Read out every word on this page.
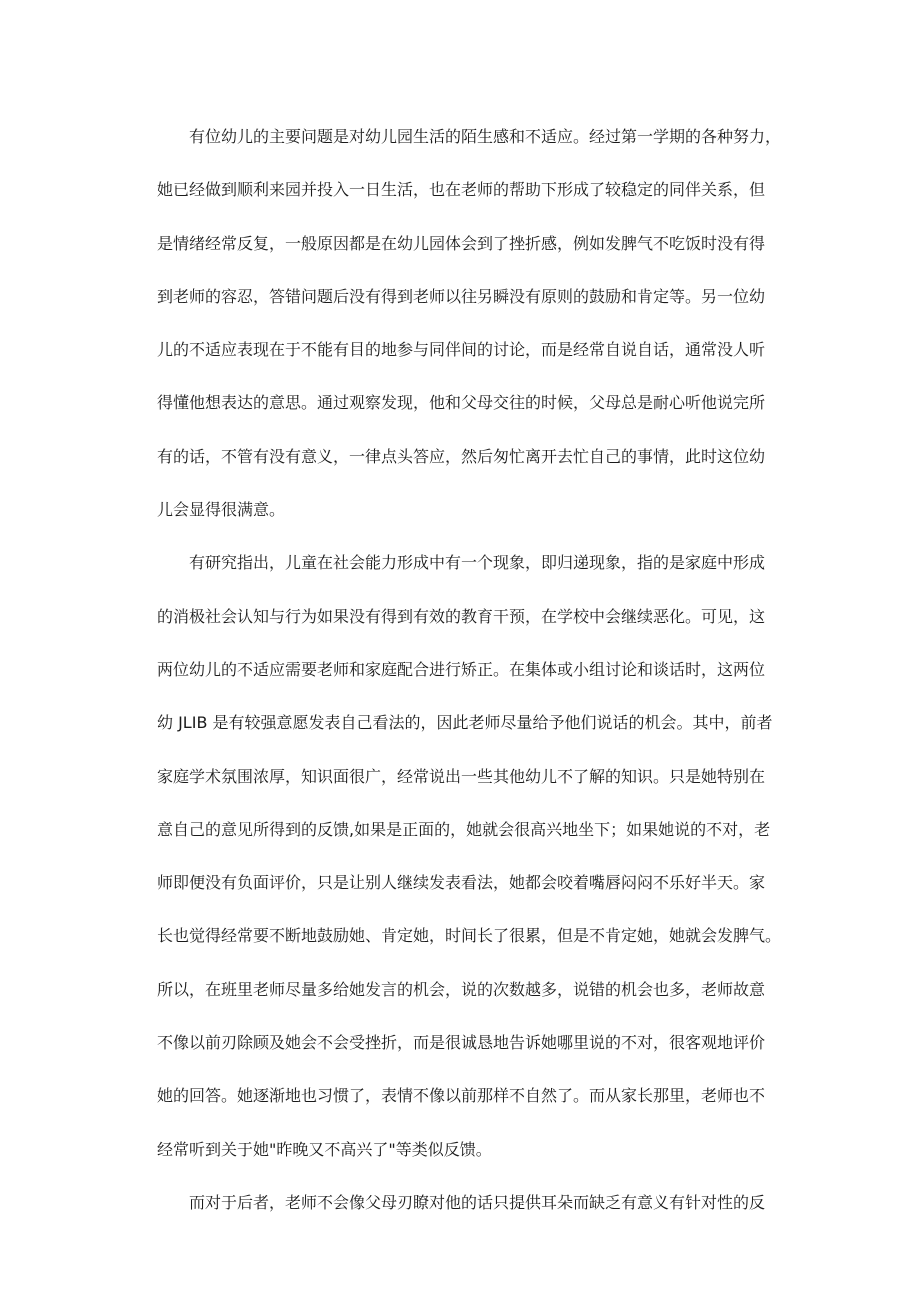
有位幼儿的主要问题是对幼儿园生活的陌生感和不适应。经过第一学期的各种努力，
她已经做到顺利来园并投入一日生活，也在老师的帮助下形成了较稳定的同伴关系，但
是情绪经常反复，一般原因都是在幼儿园体会到了挫折感，例如发脾气不吃饭时没有得
到老师的容忍，答错问题后没有得到老师以往另瞬没有原则的鼓励和肯定等。另一位幼
儿的不适应表现在于不能有目的地参与同伴间的讨论，而是经常自说自话，通常没人听
得懂他想表达的意思。通过观察发现，他和父母交往的时候，父母总是耐心听他说完所
有的话，不管有没有意义，一律点头答应，然后匆忙离开去忙自己的事情，此时这位幼
儿会显得很满意。
有研究指出，儿童在社会能力形成中有一个现象，即归递现象，指的是家庭中形成
的消极社会认知与行为如果没有得到有效的教育干预，在学校中会继续恶化。可见，这
两位幼儿的不适应需要老师和家庭配合进行矫正。在集体或小组讨论和谈话时，这两位
幼 JLIB 是有较强意愿发表自己看法的，因此老师尽量给予他们说话的机会。其中，前者
家庭学术氛围浓厚，知识面很广，经常说出一些其他幼儿不了解的知识。只是她特别在
意自己的意见所得到的反馈,如果是正面的，她就会很高兴地坐下；如果她说的不对，老
师即便没有负面评价，只是让别人继续发表看法，她都会咬着嘴唇闷闷不乐好半天。家
长也觉得经常要不断地鼓励她、肯定她，时间长了很累，但是不肯定她，她就会发脾气。
所以，在班里老师尽量多给她发言的机会，说的次数越多，说错的机会也多，老师故意
不像以前刃除顾及她会不会受挫折，而是很诚恳地告诉她哪里说的不对，很客观地评价
她的回答。她逐渐地也习惯了，表情不像以前那样不自然了。而从家长那里，老师也不
经常听到关于她"昨晚又不高兴了"等类似反馈。
而对于后者，老师不会像父母刃瞭对他的话只提供耳朵而缺乏有意义有针对性的反
